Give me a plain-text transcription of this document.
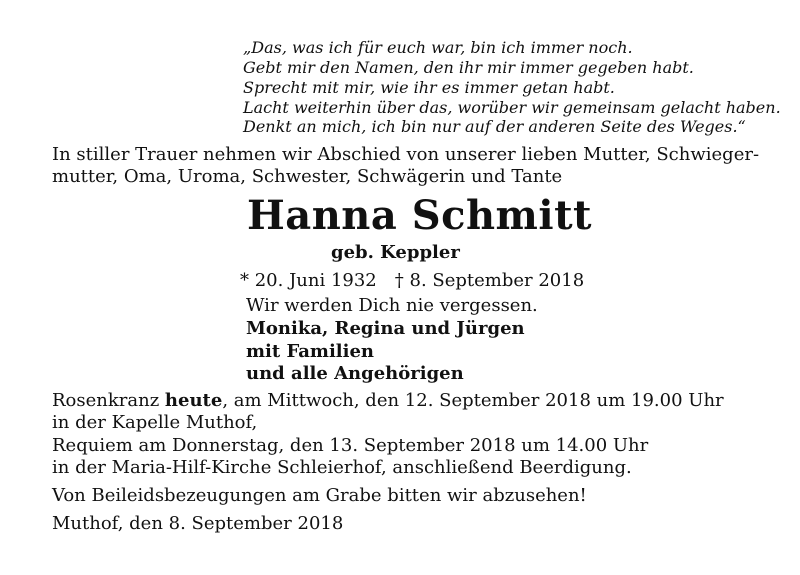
„Das, was ich für euch war, bin ich immer noch.
Gebt mir den Namen, den ihr mir immer gegeben habt.
Sprecht mit mir, wie ihr es immer getan habt.
Lacht weiterhin über das, worüber wir gemeinsam gelacht haben.
Denkt an mich, ich bin nur auf der anderen Seite des Weges.“
In stiller Trauer nehmen wir Abschied von unserer lieben Mutter, Schwieger-
mutter, Oma, Uroma, Schwester, Schwägerin und Tante
Hanna Schmitt
geb. Keppler
* 20. Juni 1932 † 8. September 2018
Wir werden Dich nie vergessen.
Monika, Regina und Jürgen
mit Familien
und alle Angehörigen
Rosenkranz heute, am Mittwoch, den 12. September 2018 um 19.00 Uhr
in der Kapelle Muthof,
Requiem am Donnerstag, den 13. September 2018 um 14.00 Uhr
in der Maria-Hilf-Kirche Schleierhof, anschließend Beerdigung.
Von Beileidsbezeugungen am Grabe bitten wir abzusehen!
Muthof, den 8. September 2018
